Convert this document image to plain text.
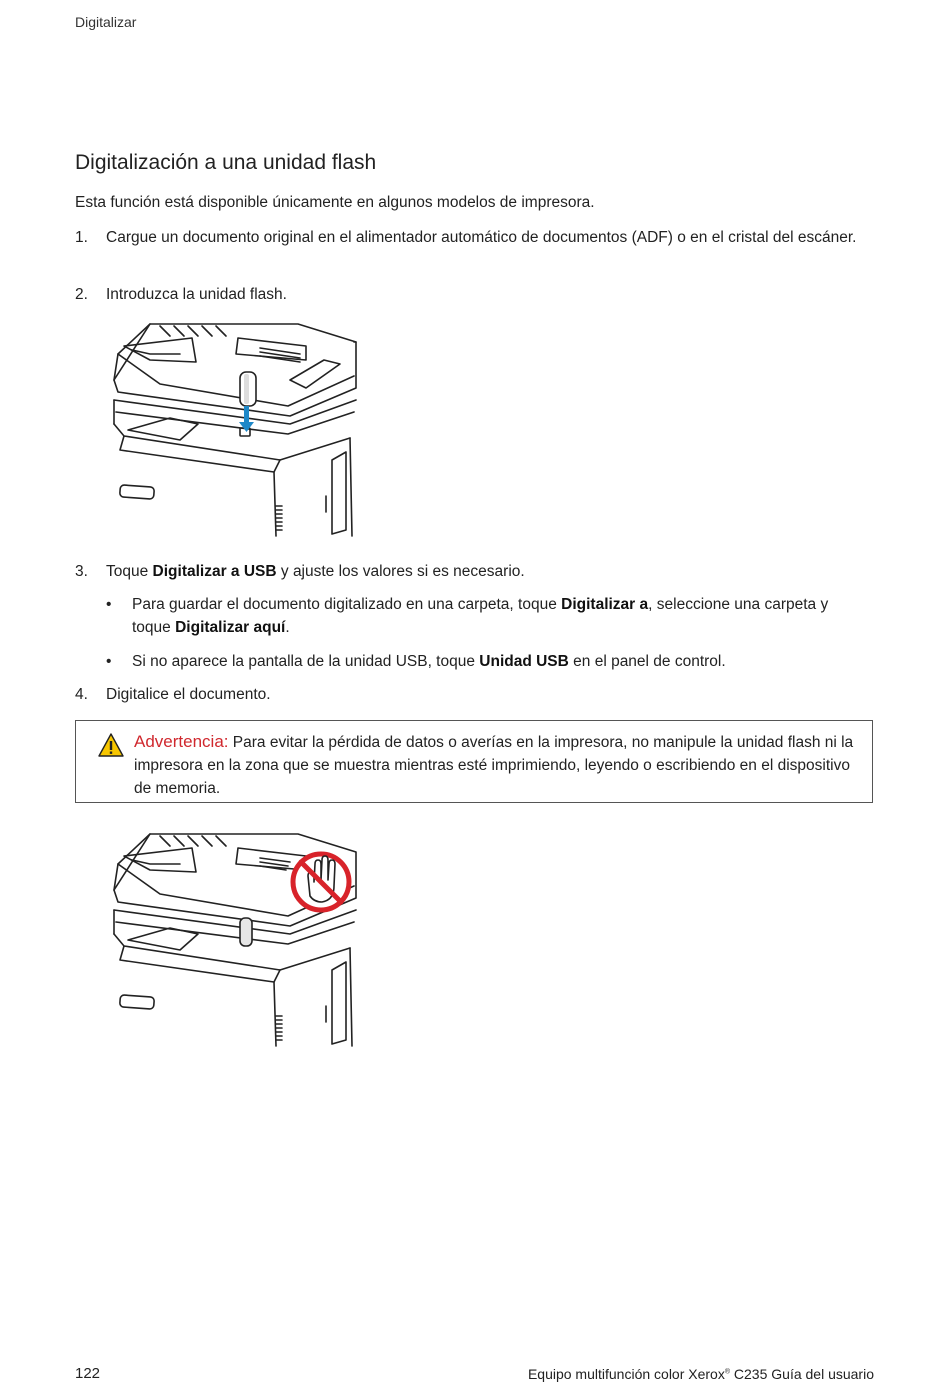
Digitalizar
Digitalización a una unidad flash
Esta función está disponible únicamente en algunos modelos de impresora.
1. Cargue un documento original en el alimentador automático de documentos (ADF) o en el cristal del escáner.
2. Introduzca la unidad flash.
3. Toque Digitalizar a USB y ajuste los valores si es necesario.
• Para guardar el documento digitalizado en una carpeta, toque Digitalizar a, seleccione una carpeta y toque Digitalizar aquí.
• Si no aparece la pantalla de la unidad USB, toque Unidad USB en el panel de control.
4. Digitalice el documento.
Advertencia: Para evitar la pérdida de datos o averías en la impresora, no manipule la unidad flash ni la impresora en la zona que se muestra mientras esté imprimiendo, leyendo o escribiendo en el dispositivo de memoria.
122	Equipo multifunción color Xerox® C235 Guía del usuario
